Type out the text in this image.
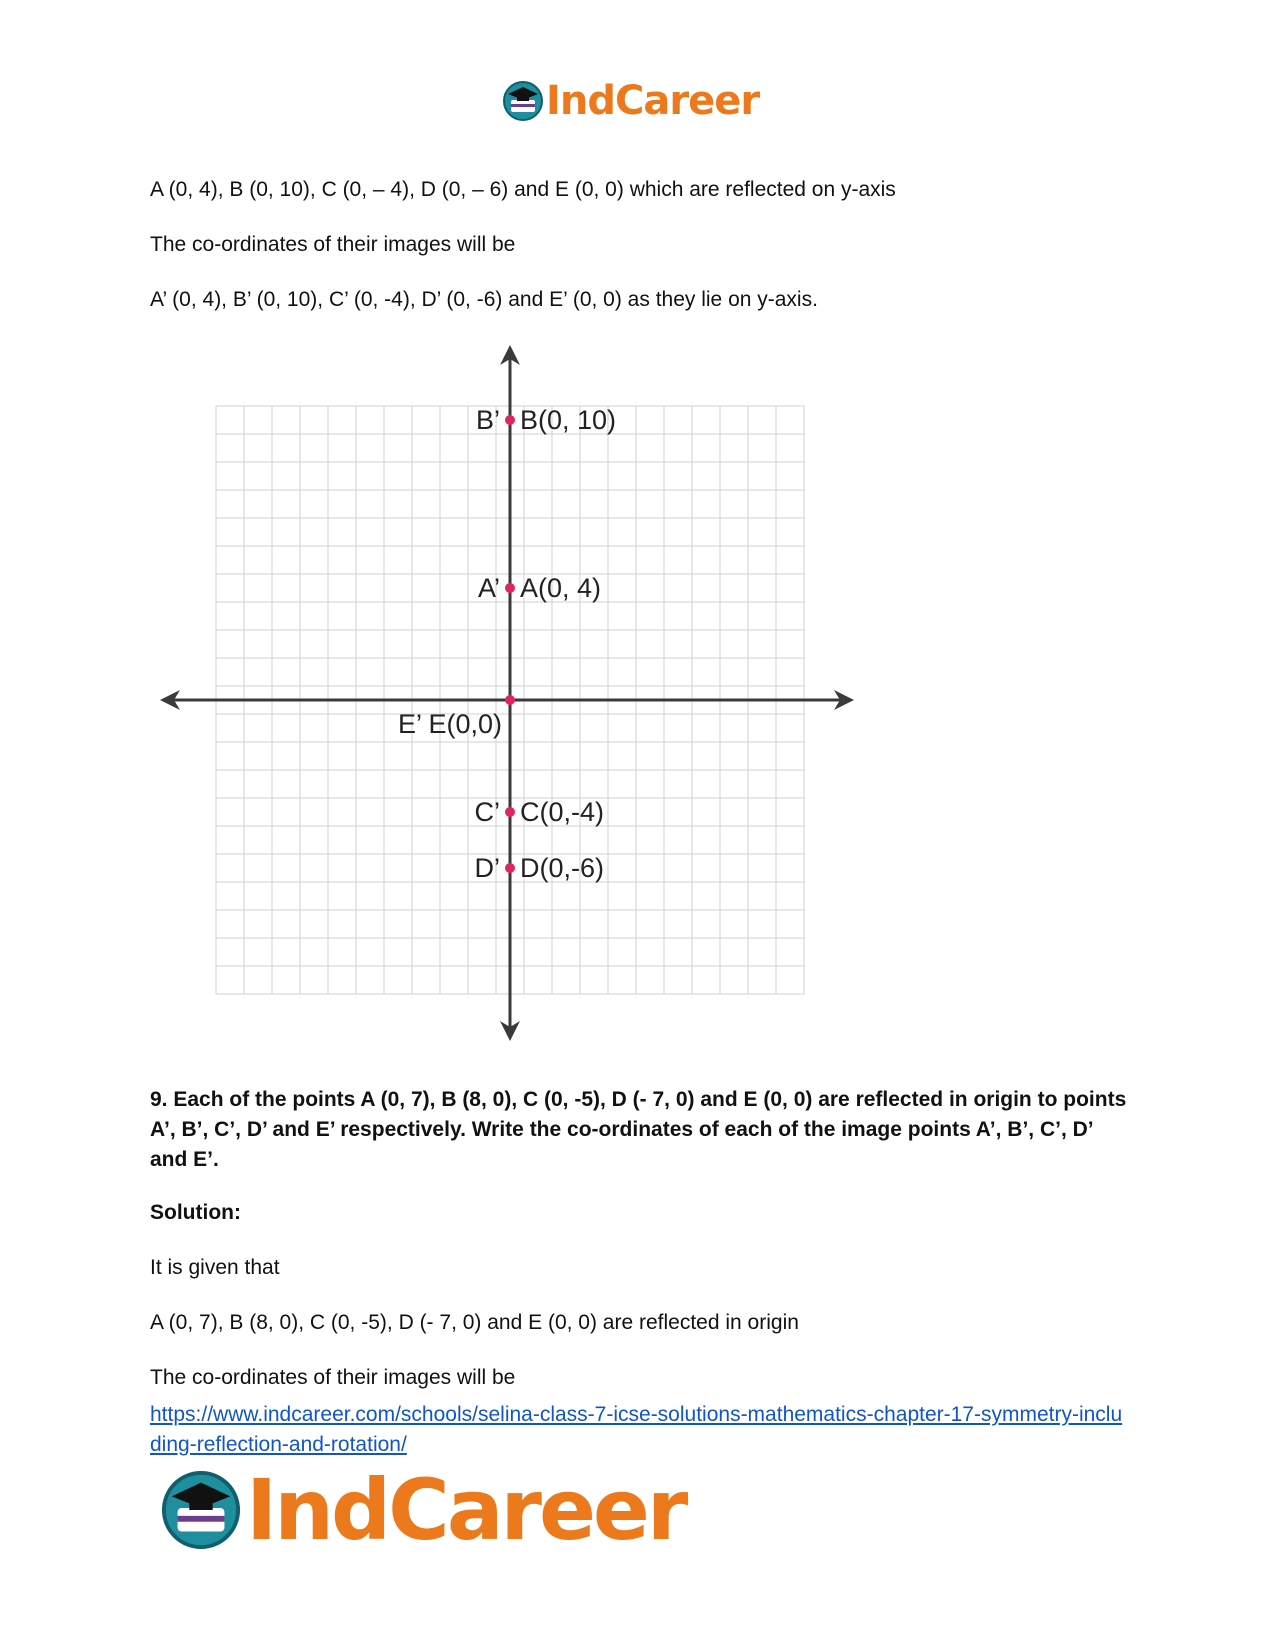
IndCareer
A (0, 4), B (0, 10), C (0, – 4), D (0, – 6) and E (0, 0) which are reflected on y-axis
The co-ordinates of their images will be
A’ (0, 4), B’ (0, 10), C’ (0, -4), D’ (0, -6) and E’ (0, 0) as they lie on y-axis.
B’ B(0, 10)
A’ A(0, 4)
E’ E(0,0)
C’ C(0,-4)
D’ D(0,-6)
9. Each of the points A (0, 7), B (8, 0), C (0, -5), D (- 7, 0) and E (0, 0) are reflected in origin to points A’, B’, C’, D’ and E’ respectively. Write the co-ordinates of each of the image points A’, B’, C’, D’ and E’.
Solution:
It is given that
A (0, 7), B (8, 0), C (0, -5), D (- 7, 0) and E (0, 0) are reflected in origin
The co-ordinates of their images will be
https://www.indcareer.com/schools/selina-class-7-icse-solutions-mathematics-chapter-17-symmetry-including-reflection-and-rotation/
IndCareer
